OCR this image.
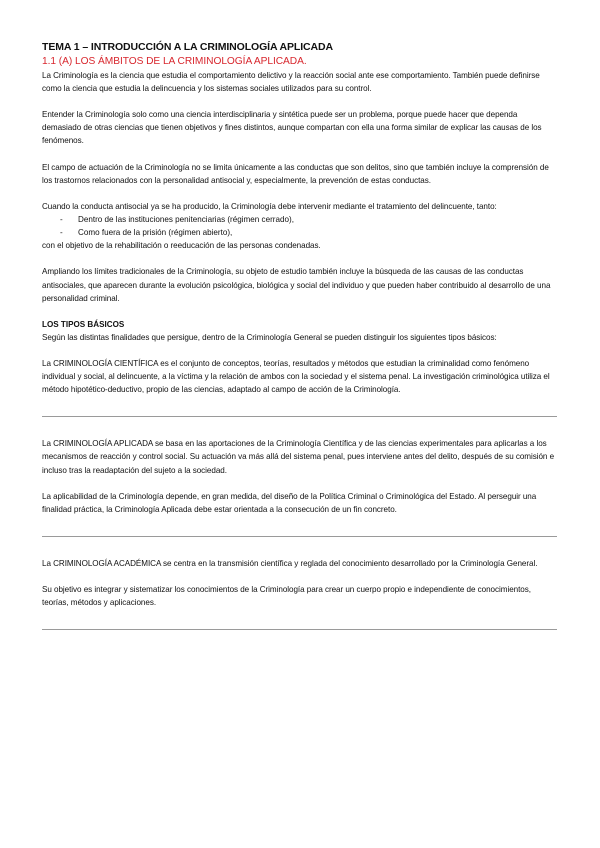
TEMA 1 – INTRODUCCIÓN A LA CRIMINOLOGÍA APLICADA
1.1 (A) LOS ÁMBITOS DE LA CRIMINOLOGÍA APLICADA.

La Criminología es la ciencia que estudia el comportamiento delictivo y la reacción social ante ese comportamiento. También puede definirse como la ciencia que estudia la delincuencia y los sistemas sociales utilizados para su control.

Entender la Criminología solo como una ciencia interdisciplinaria y sintética puede ser un problema, porque puede hacer que dependa demasiado de otras ciencias que tienen objetivos y fines distintos, aunque compartan con ella una forma similar de explicar las causas de los fenómenos.

El campo de actuación de la Criminología no se limita únicamente a las conductas que son delitos, sino que también incluye la comprensión de los trastornos relacionados con la personalidad antisocial y, especialmente, la prevención de estas conductas.

Cuando la conducta antisocial ya se ha producido, la Criminología debe intervenir mediante el tratamiento del delincuente, tanto:

- Dentro de las instituciones penitenciarias (régimen cerrado),
- Como fuera de la prisión (régimen abierto),

con el objetivo de la rehabilitación o reeducación de las personas condenadas.

Ampliando los límites tradicionales de la Criminología, su objeto de estudio también incluye la búsqueda de las causas de las conductas antisociales, que aparecen durante la evolución psicológica, biológica y social del individuo y que pueden haber contribuido al desarrollo de una personalidad criminal.

LOS TIPOS BÁSICOS

Según las distintas finalidades que persigue, dentro de la Criminología General se pueden distinguir los siguientes tipos básicos:

La CRIMINOLOGÍA CIENTÍFICA es el conjunto de conceptos, teorías, resultados y métodos que estudian la criminalidad como fenómeno individual y social, al delincuente, a la víctima y la relación de ambos con la sociedad y el sistema penal. La investigación criminológica utiliza el método hipotético-deductivo, propio de las ciencias, adaptado al campo de acción de la Criminología.

La CRIMINOLOGÍA APLICADA se basa en las aportaciones de la Criminología Científica y de las ciencias experimentales para aplicarlas a los mecanismos de reacción y control social. Su actuación va más allá del sistema penal, pues interviene antes del delito, después de su comisión e incluso tras la readaptación del sujeto a la sociedad.

La aplicabilidad de la Criminología depende, en gran medida, del diseño de la Política Criminal o Criminológica del Estado. Al perseguir una finalidad práctica, la Criminología Aplicada debe estar orientada a la consecución de un fin concreto.

La CRIMINOLOGÍA ACADÉMICA se centra en la transmisión científica y reglada del conocimiento desarrollado por la Criminología General.

Su objetivo es integrar y sistematizar los conocimientos de la Criminología para crear un cuerpo propio e independiente de conocimientos, teorías, métodos y aplicaciones.
